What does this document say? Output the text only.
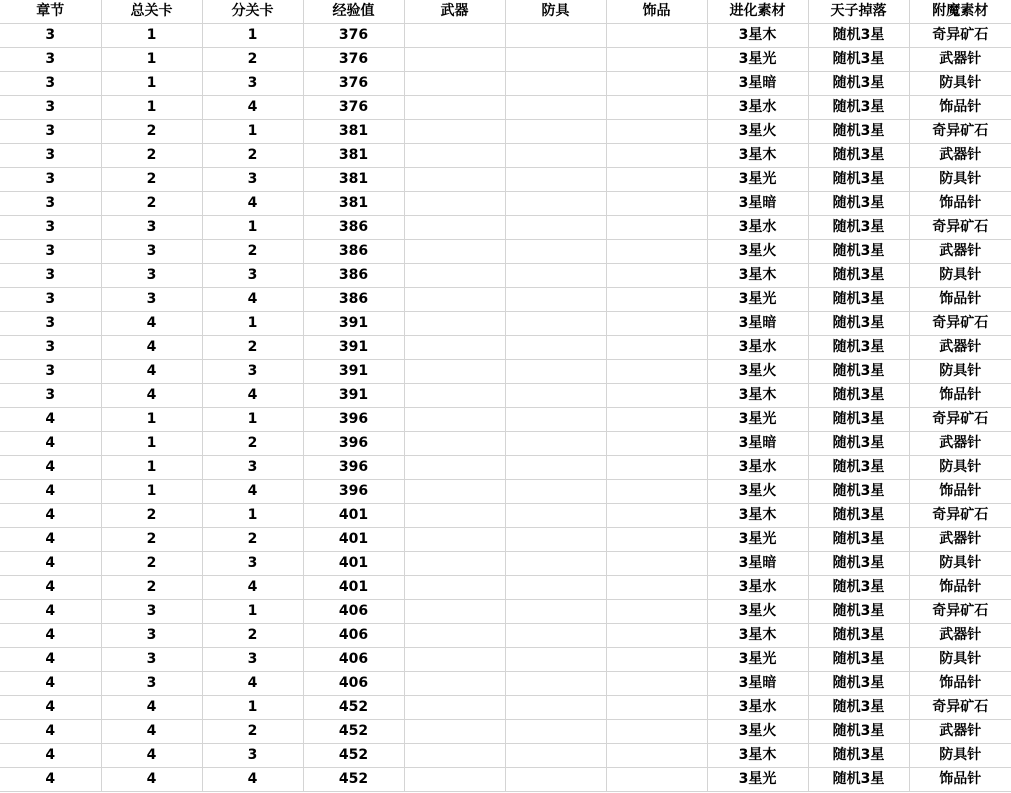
章节	总关卡	分关卡	经验值	武器	防具	饰品	进化素材	天子掉落	附魔素材
3	1	1	376				3星木	随机3星	奇异矿石
3	1	2	376				3星光	随机3星	武器针
3	1	3	376				3星暗	随机3星	防具针
3	1	4	376				3星水	随机3星	饰品针
3	2	1	381				3星火	随机3星	奇异矿石
3	2	2	381				3星木	随机3星	武器针
3	2	3	381				3星光	随机3星	防具针
3	2	4	381				3星暗	随机3星	饰品针
3	3	1	386				3星水	随机3星	奇异矿石
3	3	2	386				3星火	随机3星	武器针
3	3	3	386				3星木	随机3星	防具针
3	3	4	386				3星光	随机3星	饰品针
3	4	1	391				3星暗	随机3星	奇异矿石
3	4	2	391				3星水	随机3星	武器针
3	4	3	391				3星火	随机3星	防具针
3	4	4	391				3星木	随机3星	饰品针
4	1	1	396				3星光	随机3星	奇异矿石
4	1	2	396				3星暗	随机3星	武器针
4	1	3	396				3星水	随机3星	防具针
4	1	4	396				3星火	随机3星	饰品针
4	2	1	401				3星木	随机3星	奇异矿石
4	2	2	401				3星光	随机3星	武器针
4	2	3	401				3星暗	随机3星	防具针
4	2	4	401				3星水	随机3星	饰品针
4	3	1	406				3星火	随机3星	奇异矿石
4	3	2	406				3星木	随机3星	武器针
4	3	3	406				3星光	随机3星	防具针
4	3	4	406				3星暗	随机3星	饰品针
4	4	1	452				3星水	随机3星	奇异矿石
4	4	2	452				3星火	随机3星	武器针
4	4	3	452				3星木	随机3星	防具针
4	4	4	452				3星光	随机3星	饰品针
